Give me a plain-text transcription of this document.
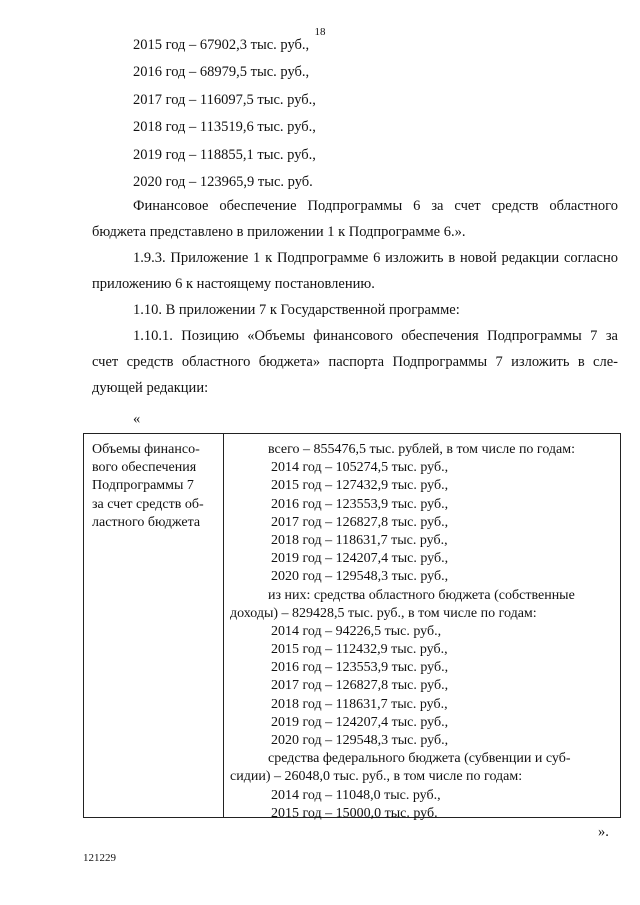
18
2015 год – 67902,3 тыс. руб.,
2016 год – 68979,5 тыс. руб.,
2017 год – 116097,5 тыс. руб.,
2018 год – 113519,6 тыс. руб.,
2019 год – 118855,1 тыс. руб.,
2020 год – 123965,9 тыс. руб.
Финансовое обеспечение Подпрограммы 6 за счет средств областного
бюджета представлено в приложении 1 к Подпрограмме 6.».
1.9.3. Приложение 1 к Подпрограмме 6 изложить в новой редакции согласно
приложению 6 к настоящему постановлению.
1.10. В приложении 7 к Государственной программе:
1.10.1. Позицию «Объемы финансового обеспечения Подпрограммы 7 за
счет средств областного бюджета» паспорта Подпрограммы 7 изложить в сле-
дующей редакции:
«
Объемы финансо-
вого обеспечения
Подпрограммы 7
за счет средств об-
ластного бюджета
всего – 855476,5 тыс. рублей, в том числе по годам:
2014 год – 105274,5 тыс. руб.,
2015 год – 127432,9 тыс. руб.,
2016 год – 123553,9 тыс. руб.,
2017 год – 126827,8 тыс. руб.,
2018 год – 118631,7 тыс. руб.,
2019 год – 124207,4 тыс. руб.,
2020 год – 129548,3 тыс. руб.,
из них: средства областного бюджета (собственные
доходы) – 829428,5 тыс. руб., в том числе по годам:
2014 год – 94226,5 тыс. руб.,
2015 год – 112432,9 тыс. руб.,
2016 год – 123553,9 тыс. руб.,
2017 год – 126827,8 тыс. руб.,
2018 год – 118631,7 тыс. руб.,
2019 год – 124207,4 тыс. руб.,
2020 год – 129548,3 тыс. руб.,
средства федерального бюджета (субвенции и суб-
сидии) – 26048,0 тыс. руб., в том числе по годам:
2014 год – 11048,0 тыс. руб.,
2015 год – 15000,0 тыс. руб.
».
121229
